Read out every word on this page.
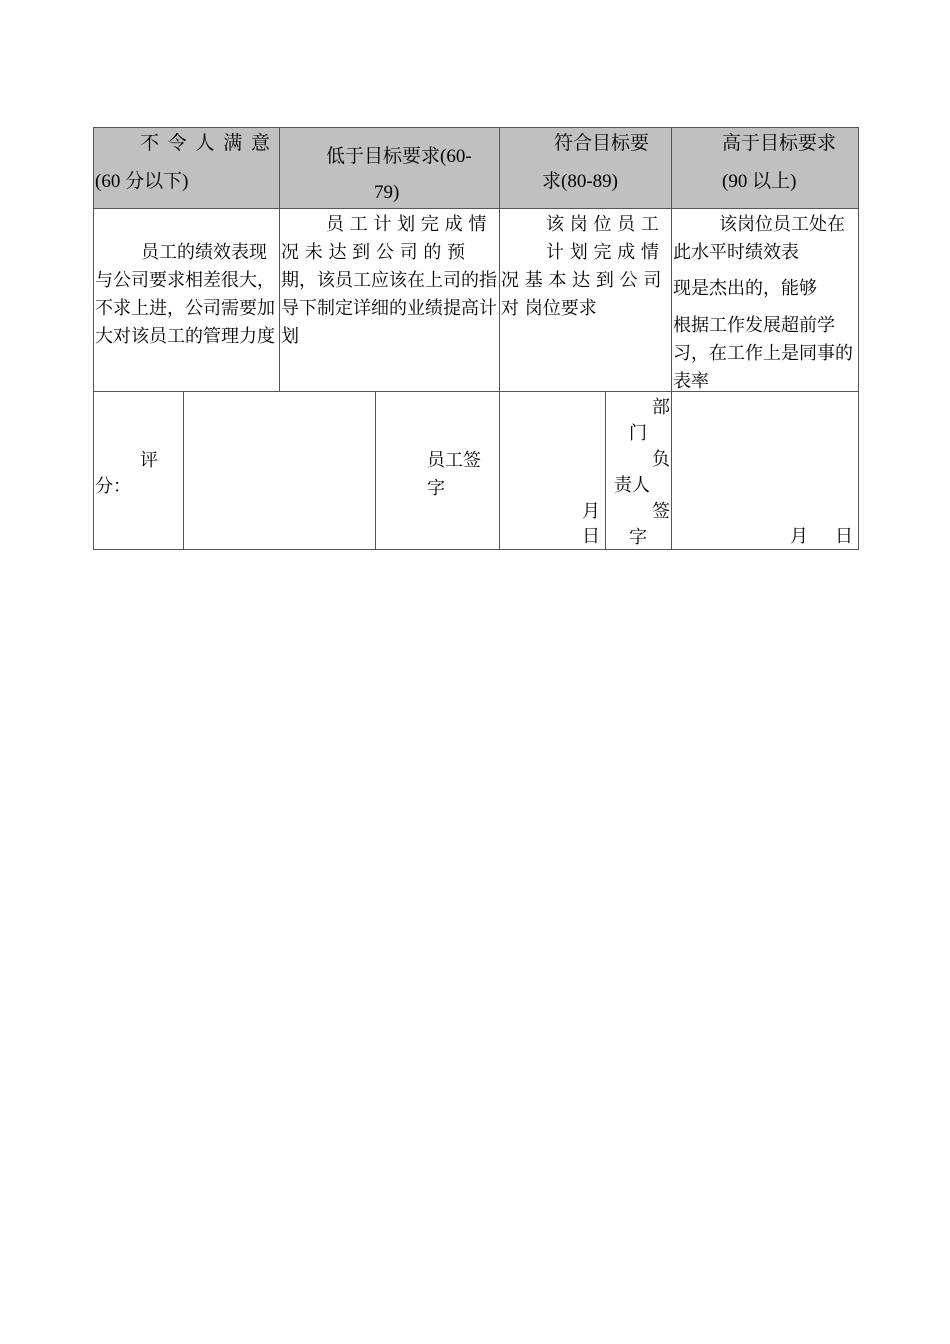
不 令 人 满 意
(60 分以下)
低于目标要求(60-
79)
符合目标要
求(80-89)
高于目标要求
(90 以上)
员工的绩效表现与公司要求相差很大，不求上进，公司需要加大对该员工的管理力度
员 工 计 划 完 成 情
况 未 达 到 公 司 的 预 期，该员工应该在上司的指导下制定详细的业绩提高计划
该 岗 位 员 工 计 划 完 成 情
况 基 本 达 到 公 司 对 岗位要求
该岗位员工处在此水平时绩效表
现是杰出的，能够
根据工作发展超前学习，在工作上是同事的表率
评
分：
员工签字
月
日
部
门
负
责人
签
字	月 日
